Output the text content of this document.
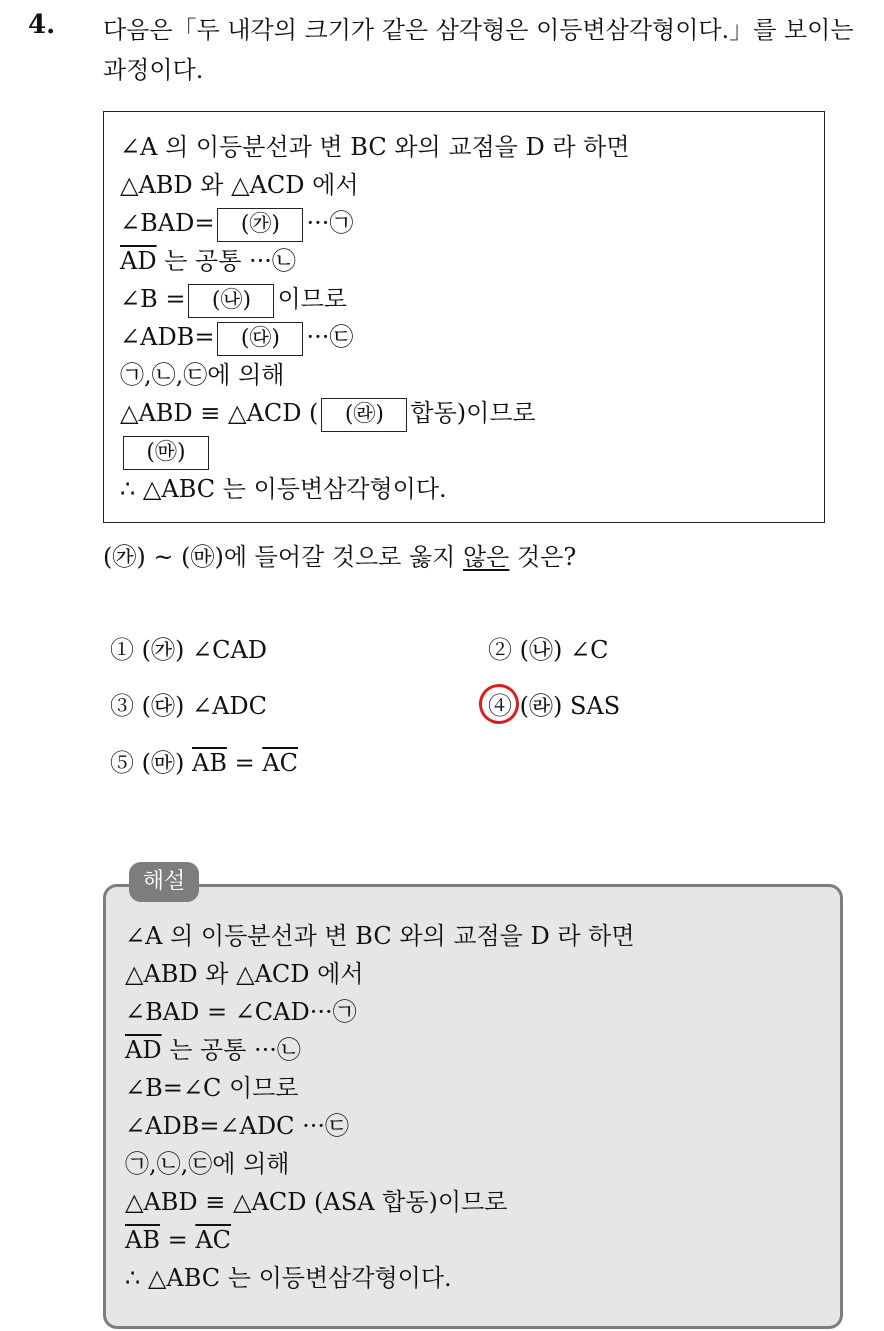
4. 다음은「두 내각의 크기가 같은 삼각형은 이등변삼각형이다.」를 보이는 과정이다.
∠A 의 이등분선과 변 BC 와의 교점을 D 라 하면
△ABD 와 △ACD 에서
∠BAD= (㉮) ···㉠
$\overline{AD}$ 는 공통 ···㉡
∠B = (㉯) 이므로
∠ADB= (㉰) ···㉢
㉠,㉡,㉢에 의해
△ABD ≡ △ACD ( (㉱) 합동)이므로
(㉲)
∴ △ABC 는 이등변삼각형이다.
(㉮) ~ (㉲)에 들어갈 것으로 옳지 않은 것은?
① (㉮) ∠CAD	② (㉯) ∠C
③ (㉰) ∠ADC	④ (㉱) SAS
⑤ (㉲) $\overline{AB} = \overline{AC}$
해설
∠A 의 이등분선과 변 BC 와의 교점을 D 라 하면
△ABD 와 △ACD 에서
∠BAD = ∠CAD···㉠
$\overline{AD}$ 는 공통 ···㉡
∠B=∠C 이므로
∠ADB=∠ADC ···㉢
㉠,㉡,㉢에 의해
△ABD ≡ △ACD (ASA 합동)이므로
$\overline{AB} = \overline{AC}$
∴ △ABC 는 이등변삼각형이다.
